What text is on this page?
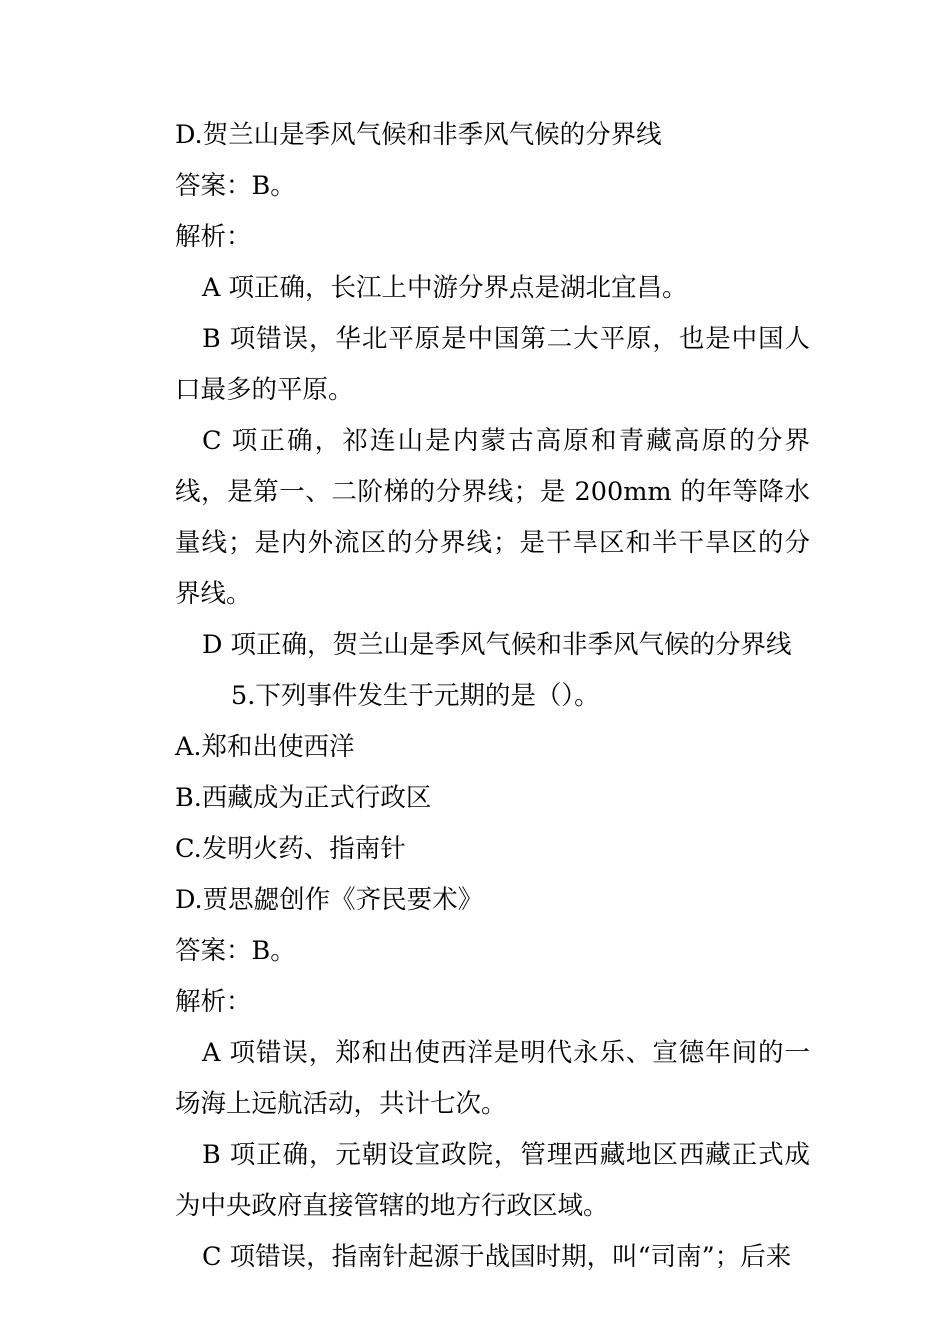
D.贺兰山是季风气候和非季风气候的分界线

答案：B。

解析：

A 项正确，长江上中游分界点是湖北宜昌。

B 项错误，华北平原是中国第二大平原，也是中国人口最多的平原。

C 项正确，祁连山是内蒙古高原和青藏高原的分界线，是第一、二阶梯的分界线；是 200mm 的年等降水量线；是内外流区的分界线；是干旱区和半干旱区的分界线。

D 项正确，贺兰山是季风气候和非季风气候的分界线

5.下列事件发生于元期的是（）。

A.郑和出使西洋

B.西藏成为正式行政区

C.发明火药、指南针

D.贾思勰创作《齐民要术》

答案：B。

解析：

A 项错误，郑和出使西洋是明代永乐、宣德年间的一场海上远航活动，共计七次。

B 项正确，元朝设宣政院，管理西藏地区西藏正式成为中央政府直接管辖的地方行政区域。

C 项错误，指南针起源于战国时期，叫“司南”；后来
